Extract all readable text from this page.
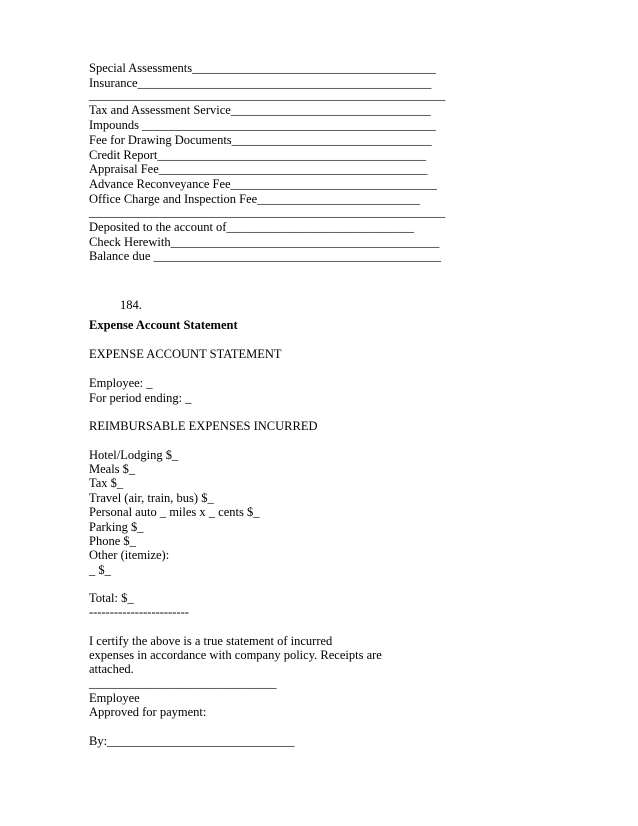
Special Assessments_______________________________________
Insurance_______________________________________________
_________________________________________________________
Tax and Assessment Service________________________________
Impounds _______________________________________________
Fee for Drawing Documents________________________________
Credit Report___________________________________________
Appraisal Fee___________________________________________
Advance Reconveyance Fee_________________________________
Office Charge and Inspection Fee__________________________
_________________________________________________________
Deposited to the account of______________________________
Check Herewith___________________________________________
Balance due ______________________________________________
184.
Expense Account Statement
EXPENSE ACCOUNT STATEMENT
Employee: _
For period ending: _
REIMBURSABLE EXPENSES INCURRED
Hotel/Lodging $_
Meals $_
Tax $_
Travel (air, train, bus) $_
Personal auto _ miles x _ cents $_
Parking $_
Phone $_
Other (itemize):
_ $_
Total: $_
------------------------
I certify the above is a true statement of incurred
expenses in accordance with company policy. Receipts are
attached.
______________________________
Employee
Approved for payment:
By:______________________________
